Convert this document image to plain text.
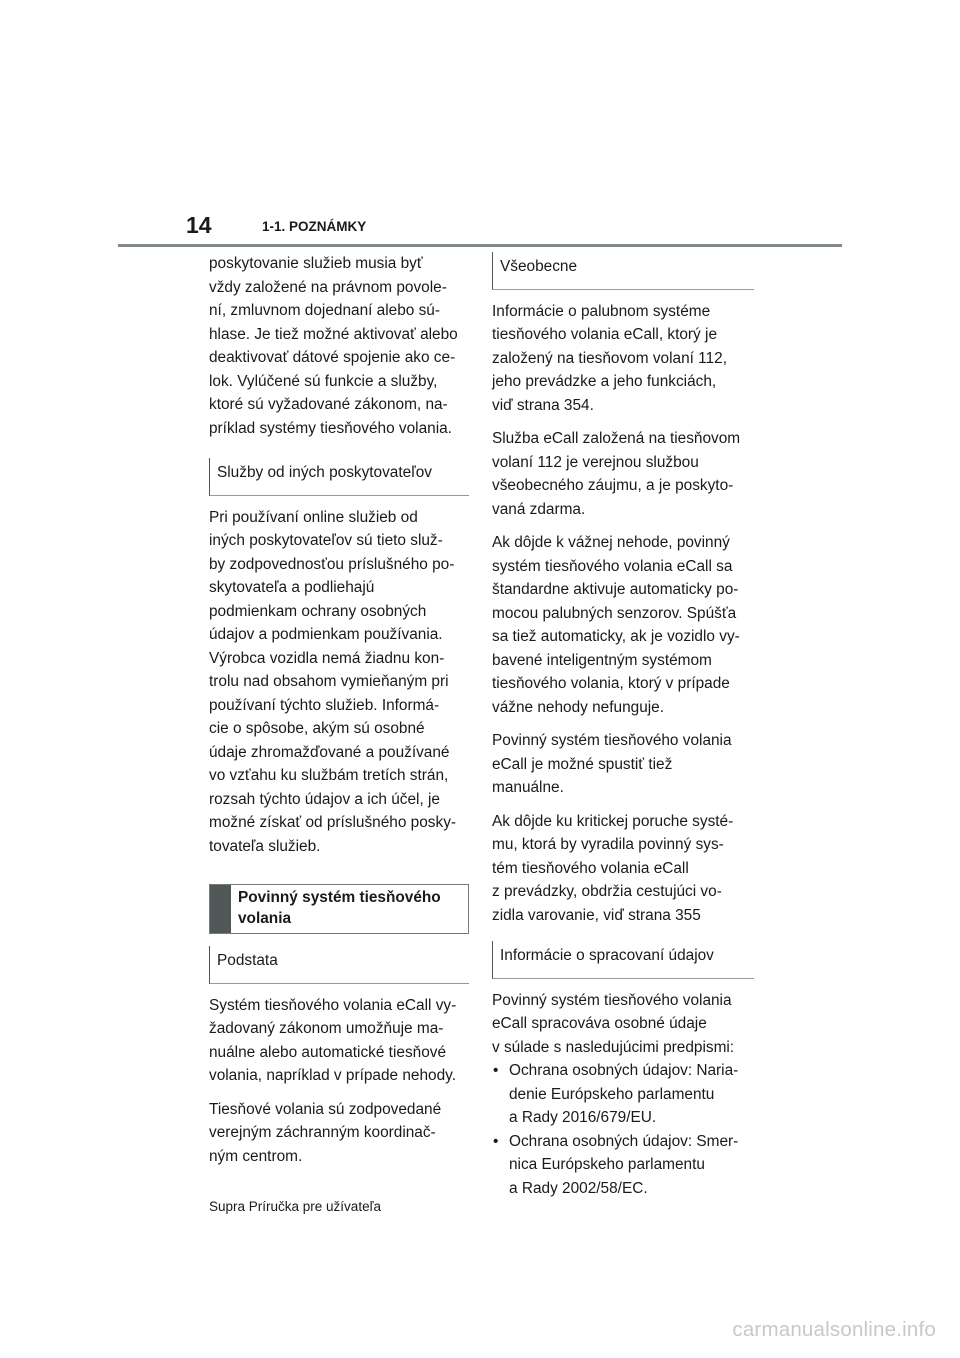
14	1-1. POZNÁMKY

poskytovanie služieb musia byť
vždy založené na právnom povole-
ní, zmluvnom dojednaní alebo sú-
hlase. Je tiež možné aktivovať alebo
deaktivovať dátové spojenie ako ce-
lok. Vylúčené sú funkcie a služby,
ktoré sú vyžadované zákonom, na-
príklad systémy tiesňového volania.

Služby od iných poskytovateľov

Pri používaní online služieb od
iných poskytovateľov sú tieto služ-
by zodpovednosťou príslušného po-
skytovateľa a podliehajú
podmienkam ochrany osobných
údajov a podmienkam používania.
Výrobca vozidla nemá žiadnu kon-
trolu nad obsahom vymieňaným pri
používaní týchto služieb. Informá-
cie o spôsobe, akým sú osobné
údaje zhromažďované a používané
vo vzťahu ku službám tretích strán,
rozsah týchto údajov a ich účel, je
možné získať od príslušného posky-
tovateľa služieb.

Povinný systém tiesňového
volania
Podstata

Systém tiesňového volania eCall vy-
žadovaný zákonom umožňuje ma-
nuálne alebo automatické tiesňové
volania, napríklad v prípade nehody.

Tiesňové volania sú zodpovedané
verejným záchranným koordinač-
ným centrom.

Všeobecne

Informácie o palubnom systéme
tiesňového volania eCall, ktorý je
založený na tiesňovom volaní 112,
jeho prevádzke a jeho funkciách,
viď strana 354.

Služba eCall založená na tiesňovom
volaní 112 je verejnou službou
všeobecného záujmu, a je poskyto-
vaná zdarma.

Ak dôjde k vážnej nehode, povinný
systém tiesňového volania eCall sa
štandardne aktivuje automaticky po-
mocou palubných senzorov. Spúšťa
sa tiež automaticky, ak je vozidlo vy-
bavené inteligentným systémom
tiesňového volania, ktorý v prípade
vážne nehody nefunguje.

Povinný systém tiesňového volania
eCall je možné spustiť tiež
manuálne.

Ak dôjde ku kritickej poruche systé-
mu, ktorá by vyradila povinný sys-
tém tiesňového volania eCall
z prevádzky, obdržia cestujúci vo-
zidla varovanie, viď strana 355

Informácie o spracovaní údajov

Povinný systém tiesňového volania
eCall spracováva osobné údaje
v súlade s nasledujúcimi predpismi:

• Ochrana osobných údajov: Naria-
denie Európskeho parlamentu
a Rady 2016/679/EU.
• Ochrana osobných údajov: Smer-
nica Európskeho parlamentu
a Rady 2002/58/EC.
Supra Príručka pre užívateľa
carmanualsonline.info
